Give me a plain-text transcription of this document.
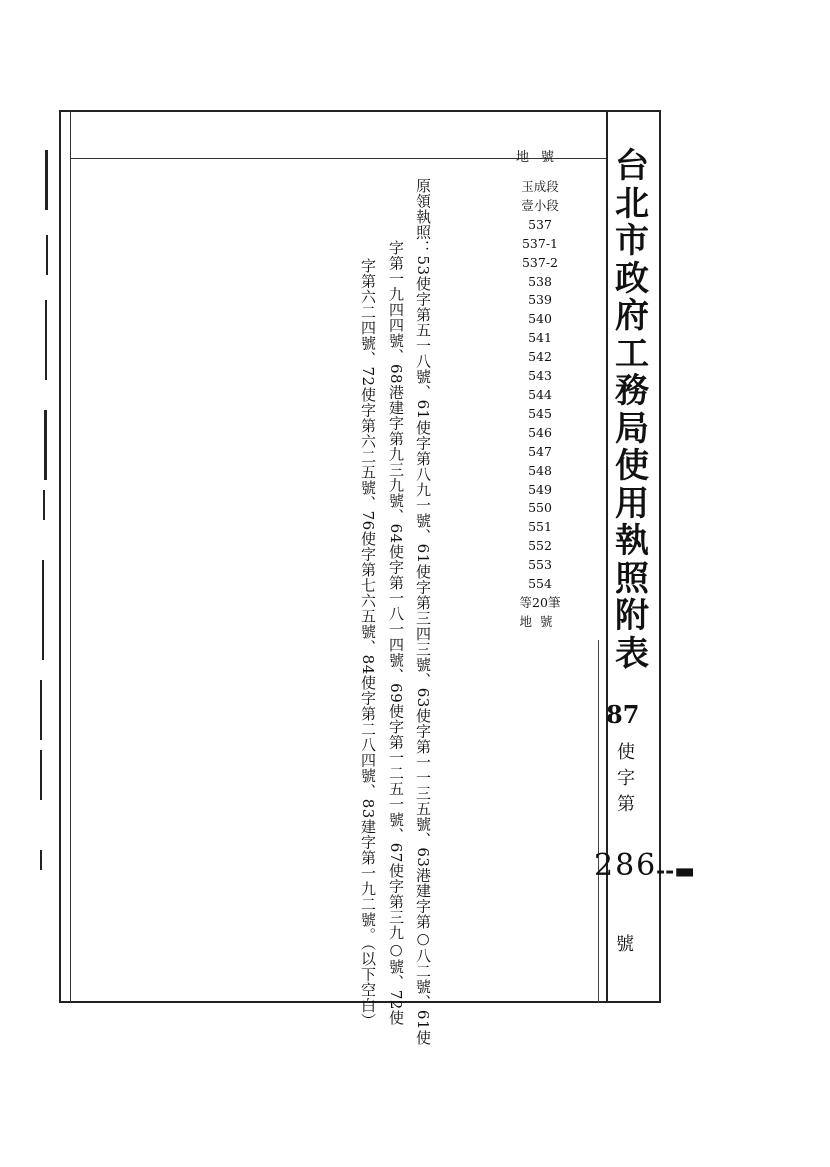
台
北
市
政
府
工
務
局
使
用
執
照
附
表
地號
玉成段
壹小段
537
537-1
537-2
538
539
540
541
542
543
544
545
546
547
548
549
550
551
552
553
554
等20筆
地號
原領執照：53使字第五一八號、61使字第八九一號、61使字第三四三號、63使字第一一三五號、63港建字第○八二號、61使
字第一九四四號、68港建字第九三九號、64使字第一八一四號、69使字第一二五一號、67使字第三九○號、72使
字第六二四號、72使字第六二五號、76使字第七六五號、84使字第二八四號、83建字第一九二號。（以下空白）	87
使
字
第
286
--▬
號
